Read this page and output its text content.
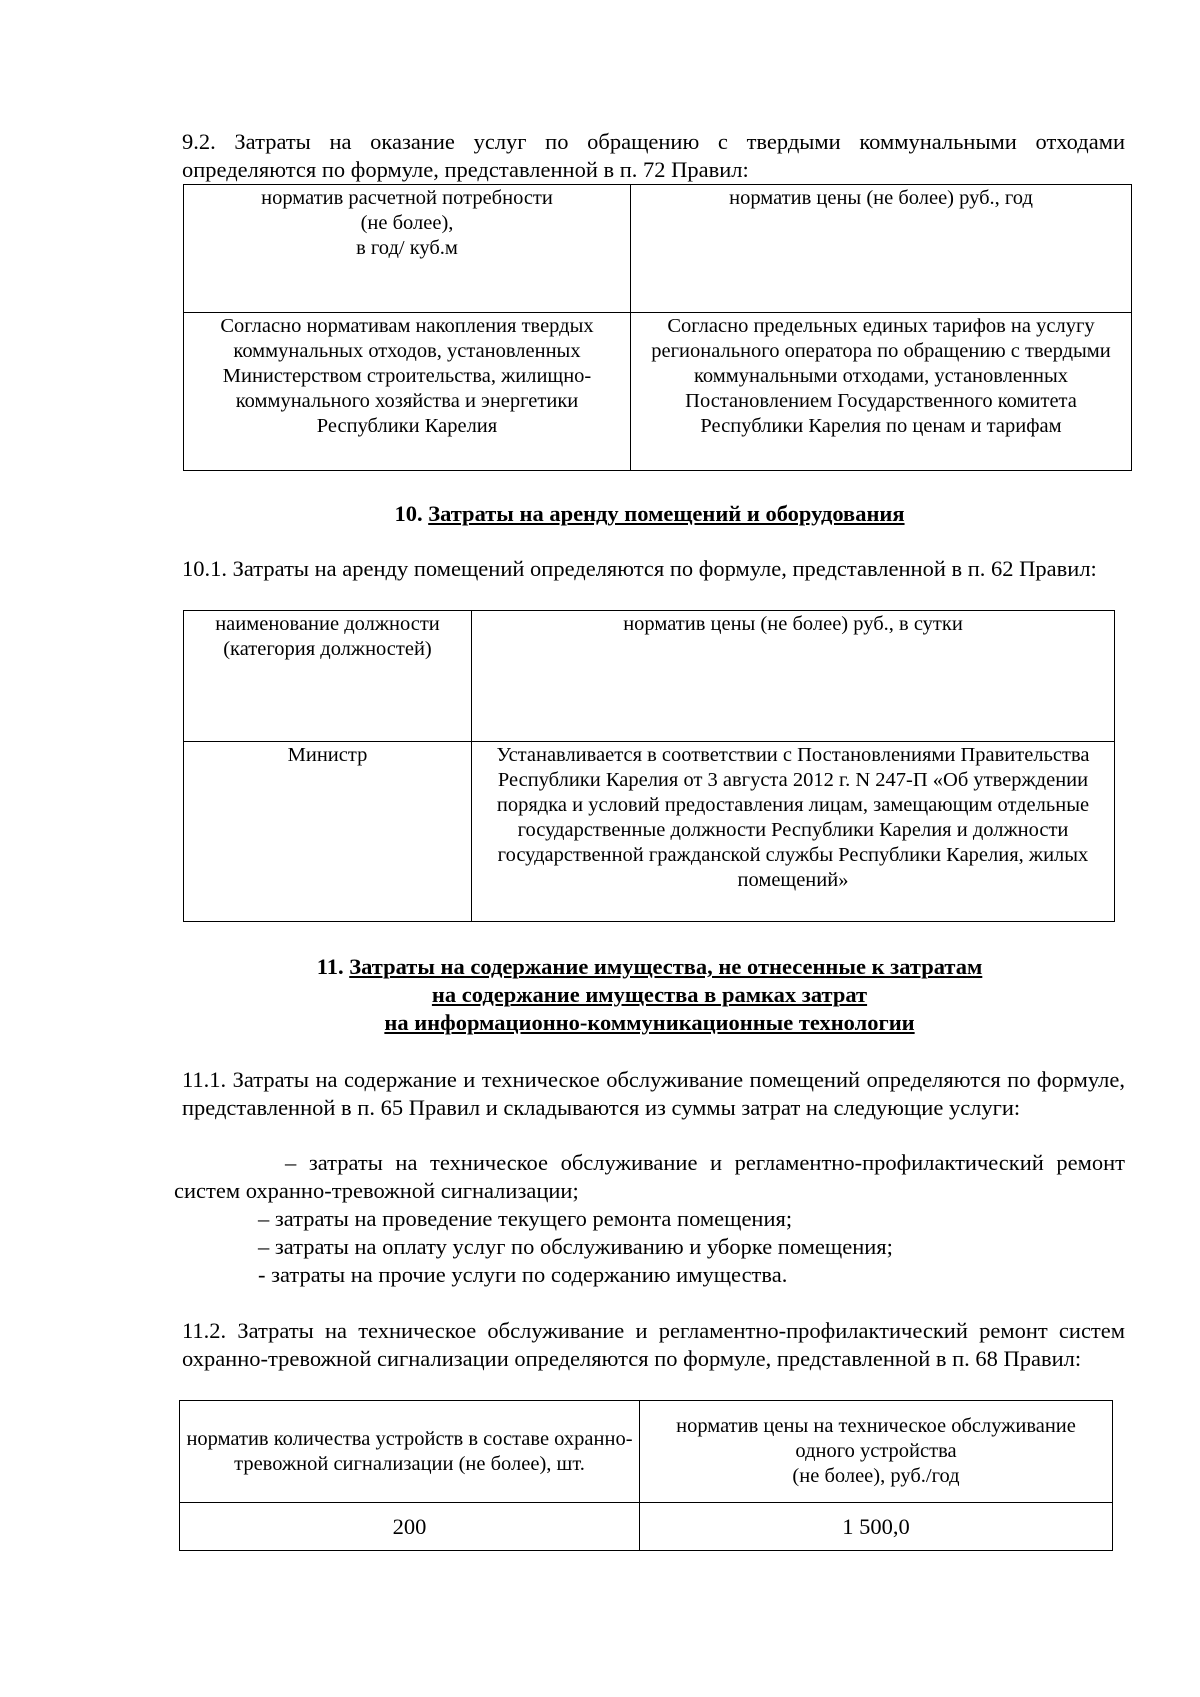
9.2. Затраты на оказание услуг по обращению с твердыми коммунальными отходами определяются по формуле, представленной в п. 72 Правил:

норматив расчетной потребности
(не более),
в год/ куб.м	норматив цены (не более) руб., год
Согласно нормативам накопления твердых коммунальных отходов, установленных Министерством строительства, жилищно-коммунального хозяйства и энергетики Республики Карелия	Согласно предельных единых тарифов на услугу регионального оператора по обращению с твердыми коммунальными отходами, установленных Постановлением Государственного комитета Республики Карелия по ценам и тарифам

10. Затраты на аренду помещений и оборудования

10.1. Затраты на аренду помещений определяются по формуле, представленной в п. 62 Правил:

наименование должности (категория должностей)	норматив цены (не более) руб., в сутки
Министр	Устанавливается в соответствии с Постановлениями Правительства Республики Карелия от 3 августа 2012 г. N 247-П «Об утверждении порядка и условий предоставления лицам, замещающим отдельные государственные должности Республики Карелия и должности государственной гражданской службы Республики Карелия, жилых помещений»
11. Затраты на содержание имущества, не отнесенные к затратам
на содержание имущества в рамках затрат
на информационно-коммуникационные технологии

11.1. Затраты на содержание и техническое обслуживание помещений определяются по формуле, представленной в п. 65 Правил и складываются из суммы затрат на следующие услуги:

– затраты на техническое обслуживание и регламентно-профилактический ремонт систем охранно-тревожной сигнализации;

– затраты на проведение текущего ремонта помещения;

– затраты на оплату услуг по обслуживанию и уборке помещения;

- затраты на прочие услуги по содержанию имущества.

11.2. Затраты на техническое обслуживание и регламентно-профилактический ремонт систем охранно-тревожной сигнализации определяются по формуле, представленной в п. 68 Правил:

норматив количества устройств в составе охранно-тревожной сигнализации (не более), шт.	норматив цены на техническое обслуживание одного устройства
(не более), руб./год
200	1 500,0
